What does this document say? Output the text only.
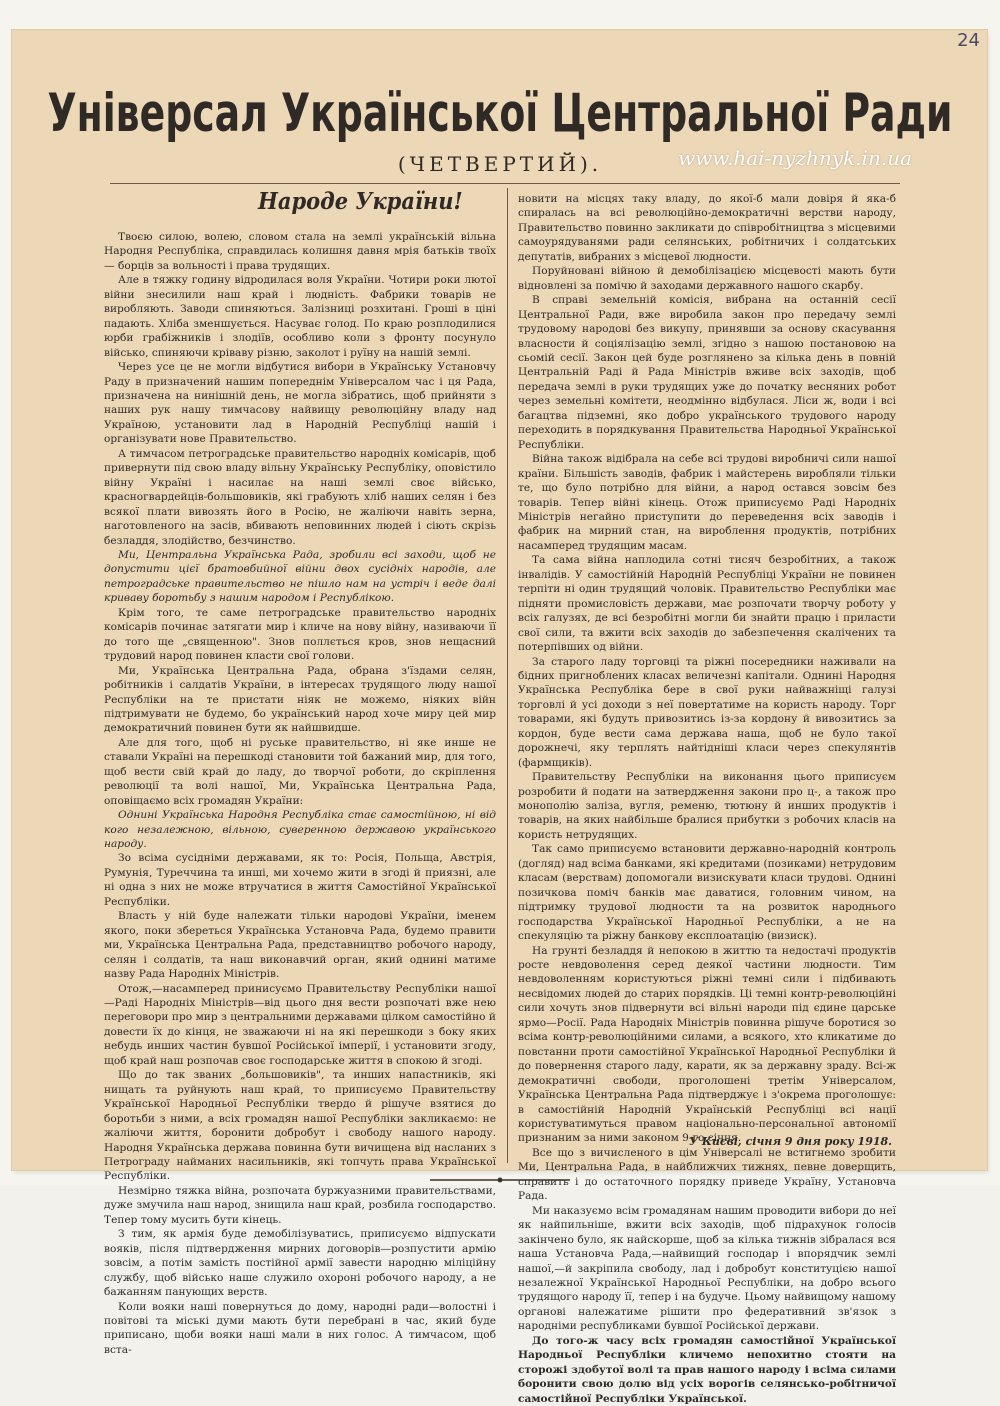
24
Універсал Української Центральної Ради
(ЧЕТВЕРТИЙ).	www.hai-nyzhnyk.in.ua
Народе України!

Твоєю силою, волею, словом стала на землі українській вільна Народня Республіка, справдилась колишня давня мрія батьків твоїх— борців за вольності і права трудящих.

Але в тяжку годину відродилася воля України. Чотири роки лютої війни знесилили наш край і людність. Фабрики товарів не виробляють. Заводи спиняються. Залізниці розхитані. Гроші в ціні падають. Хліба зменшується. Насуває голод. По краю розплодилися юрби грабіжників і злодіїв, особливо коли з фронту посунуло військо, спиняючи кріваву різню, заколот і руїну на нашій землі.

Через усе це не могли відбутися вибори в Українську Установчу Раду в призначений нашим попереднім Універсалом час і ця Рада, призначена на нинішній день, не могла зібратись, щоб прийняти з наших рук нашу тимчасову найвищу революційну владу над Україною, установити лад в Народній Республіці нашій і організувати нове Правительство.

А тимчасом петроградське правительство народніх комісарів, щоб привернути під свою владу вільну Українську Республіку, оповістило війну Україні і насилає на наші землі своє військо, красногвардейців-большовиків, які грабують хліб наших селян і без всякої плати вивозять його в Росію, не жаліючи навіть зерна, наготовленого на засів, вбивають неповинних людей і сіють скрізь безладдя, злодійство, безчинство.

Ми, Центральна Українська Рада, зробили всі заходи, щоб не допустити цієї братовбийної війни двох сусідніх народів, але петроградське правительство не пішло нам на устріч і веде далі криваву боротьбу з нашим народом і Республікою.

Крім того, те саме петроградське правительство народніх комісарів починає затягати мир і кличе на нову війну, називаючи її до того ще „священною". Знов поллється кров, знов нещасний трудовий народ повинен класти свої голови.

Ми, Українська Центральна Рада, обрана з'їздами селян, робітників і салдатів України, в інтересах трудящого люду нашої Республіки на те пристати ніяк не можемо, ніяких війн підтримувати не будемо, бо український народ хоче миру цей мир демократичний повинен бути як найшвидше.

Але для того, щоб ні руське правительство, ні яке инше не ставали Україні на перешкоді становити той бажаний мир, для того, щоб вести свій край до ладу, до творчої роботи, до скріплення революції та волі нашої, Ми, Українська Центральна Рада, оповіщаємо всіх громадян України:

Однині Українська Народня Республіка стає самостійною, ні від кого незалежною, вільною, суверенною державою українського народу.

Зо всіма сусідніми державами, як то: Росія, Польща, Австрія, Румунія, Туреччина та инші, ми хочемо жити в згоді й приязні, але ні одна з них не може втручатися в життя Самостійної Української Республіки.

Власть у ній буде належати тільки народові України, іменем якого, поки збереться Українська Установча Рада, будемо правити ми, Українська Центральна Рада, представництво робочого народу, селян і солдатів, та наш виконавчий орган, який однині матиме назву Рада Народніх Міністрів.

Отож,—насамперед принисуємо Правительству Республіки нашої—Раді Народніх Міністрів—від цього дня вести розпочаті вже нею переговори про мир з центральними державами цілком самостійно й довести їх до кінця, не зважаючи ні на які перешкоди з боку яких небудь инших частин бувшої Російської імперії, і установити згоду, щоб край наш розпочав своє господарське життя в спокою й згоді.

Що до так званих „большовиків", та инших напастників, які нищать та руйнують наш край, то приписуємо Правительству Української Народньої Республіки твердо й рішуче взятися до боротьби з ними, а всіх громадян нашої Республіки закликаємо: не жаліючи життя, боронити добробут і свободу нашого народу. Народня Українська держава повинна бути вичищена від насланих з Петрограду найманих насильників, які топчуть права Української Республіки.

Незмірно тяжка війна, розпочата буржуазними правительствами, дуже змучила наш народ, знищила наш край, розбила господарство. Тепер тому мусить бути кінець.

З тим, як армія буде демобілізуватись, приписуємо відпускати вояків, після підтвердження мирних договорів—розпустити армію зовсім, а потім замість постійної армії завести народню міліційну службу, щоб військо наше служило охороні робочого народу, а не бажанням панующих верств.

Коли вояки наші повернуться до дому, народні ради—волостні і повітові та міські думи мають бути перебрані в час, який буде приписано, щоби вояки наші мали в них голос. А тимчасом, щоб вста-

новити на місцях таку владу, до якої-б мали довіря й яка-б спиралась на всі революційно-демократичні верстви народу, Правительство повинно закликати до співробітництва з місцевими самоурядуванями ради селянських, робітничих і солдатських депутатів, вибраних з місцевої людности.

Поруйновані війною й демобілізацією місцевості мають бути відновлені за помічю й заходами державного нашого скарбу.

В справі земельній комісія, вибрана на останній сесії Центральної Ради, вже виробила закон про передачу землі трудовому народові без викупу, принявши за основу скасування власности й соціялізацію землі, згідно з нашою постановою на сьомій сесії. Закон цей буде розглянено за кілька день в повній Центральній Раді й Рада Міністрів вживе всіх заходів, щоб передача землі в руки трудящих уже до початку весняних робот через земельні комітети, неодмінно відбулася. Ліси ж, води і всі багацтва підземні, яко добро українського трудового народу переходить в порядкування Правительства Народньої Української Республіки.

Війна також відібрала на себе всі трудові виробничі сили нашої країни. Більшість заводів, фабрик і майстерень виробляли тільки те, що було потрібно для війни, а народ остався зовсім без товарів. Тепер війні кінець. Отож приписуємо Раді Народніх Міністрів негайно приступити до переведення всіх заводів і фабрик на мирний стан, на вироблення продуктів, потрібних насамперед трудящим масам.

Та сама війна наплодила сотні тисяч безробітних, а також інвалідів. У самостійній Народній Республіці України не повинен терпіти ні один трудящий чоловік. Правительство Республіки має підняти промисловість держави, має розпочати творчу роботу у всіх галузях, де всі безробітні могли би знайти працю і приласти свої сили, та вжити всіх заходів до забезпечення скалічених та потерпівших од війни.

За старого ладу торговці та ріжні посередники наживали на бідних пригноблених класах величезні капітали. Однині Народня Українська Республіка бере в свої руки найважніщі галузі торговлі й усі доходи з неї повертатиме на користь народу. Торг товарами, які будуть привозитись із-за кордону й вивозитись за кордон, буде вести сама держава наша, щоб не було такої дорожнечі, яку терплять найтіднішi класи через спекулянтів (фармщиків).

Правительству Республіки на виконання цього приписуєм розробити й подати на затвердження закони про ц-, а також про монополію заліза, вугля, ременю, тютюну й инших продуктів і товарів, на яких найбільше бралися прибутки з робочих класів на користь нетрудящих.

Так само приписуємо встановити державно-народній контроль (догляд) над всіма банками, які кредитами (позиками) нетрудовим класам (верствам) допомогали визискувати класи трудові. Однині позичкова поміч банків має даватися, головним чином, на підтримку трудової людности та на розвиток народнього господарства Української Народньої Республіки, а не на спекуляцію та ріжну банкову експлоатацію (визиск).

На грунті безладдя й непокою в життю та недостачі продуктів росте невдоволення серед деякої частини людности. Тим невдоволенням користуються ріжні темні сили і підбивають несвідомих людей до старих порядків. Ці темні контр-революційні сили хочуть знов підвернути всі вільні народи під єдине царське ярмо—Росії. Рада Народніх Міністрів повинна рішуче боротися зо всіма контр-революційними силами, а всякого, хто кликатиме до повстанни проти самостійної Української Народньої Республіки й до повернення старого ладу, карати, як за державну зраду. Всі-ж демократичні свободи, проголошені третім Універсалом, Українська Центральна Рада підтверджує і з'окрема проголошує: в самостійній Народній Українській Республіці всі нації користуватимуться правом національно-персональної автономії признаним за ними законом 9-го січня.

Все що з вичисленого в цім Універсалі не встигнемо зробити Ми, Центральна Рада, в найближчих тижнях, певне доверщить, справить і до остаточного порядку приведе Україну, Установча Рада.

Ми наказуємо всім громадянам нашим проводити вибори до неї як найпильніше, вжити всіх заходів, щоб підрахунок голосів закінчено було, як найскорше, щоб за кілька тижнів зібралася вся наша Установча Рада,—найвищий господар і впорядчик землі нашої,—й закріпила свободу, лад і добробут конституцією нашої незалежної Української Народньої Республіки, на добро всього трудящого народу її, тепер і на будуче. Цьому найвищому нашому органові належатиме рішити про федеративний зв'язок з народніми республиками бувшої Російської держави.

До того-ж часу всіх громадян самостійної Української Народньої Республіки кличемо непохитно стояти на сторожі здобутої волі та прав нашого народу і всіма силами боронити свою долю від усіх ворогів селянсько-робітничої самостійної Республіки Української.

У Києві, січня 9 дня року 1918.
